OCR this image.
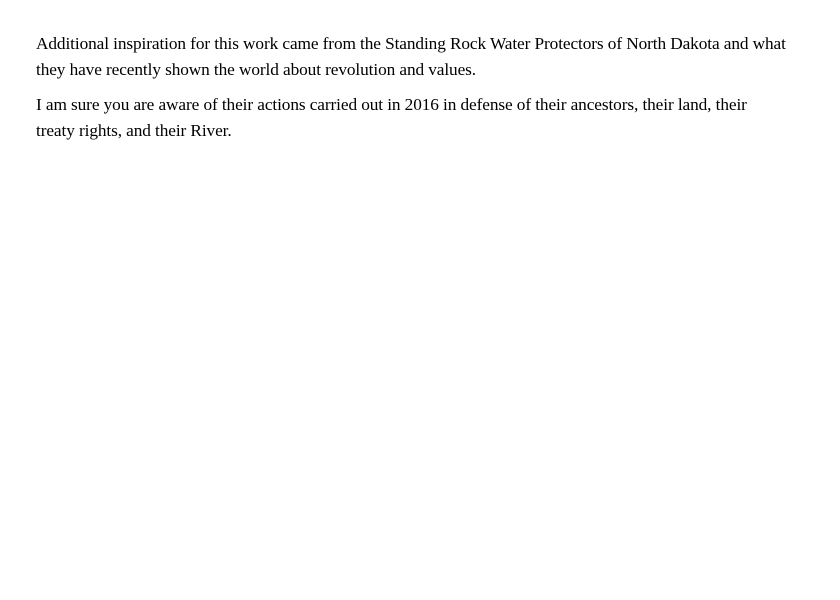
Additional inspiration for this work came from the Standing Rock Water Protectors of North Dakota and what they have recently shown the world about revolution and values.

I am sure you are aware of their actions carried out in 2016 in defense of their ancestors, their land, their treaty rights, and their River.
